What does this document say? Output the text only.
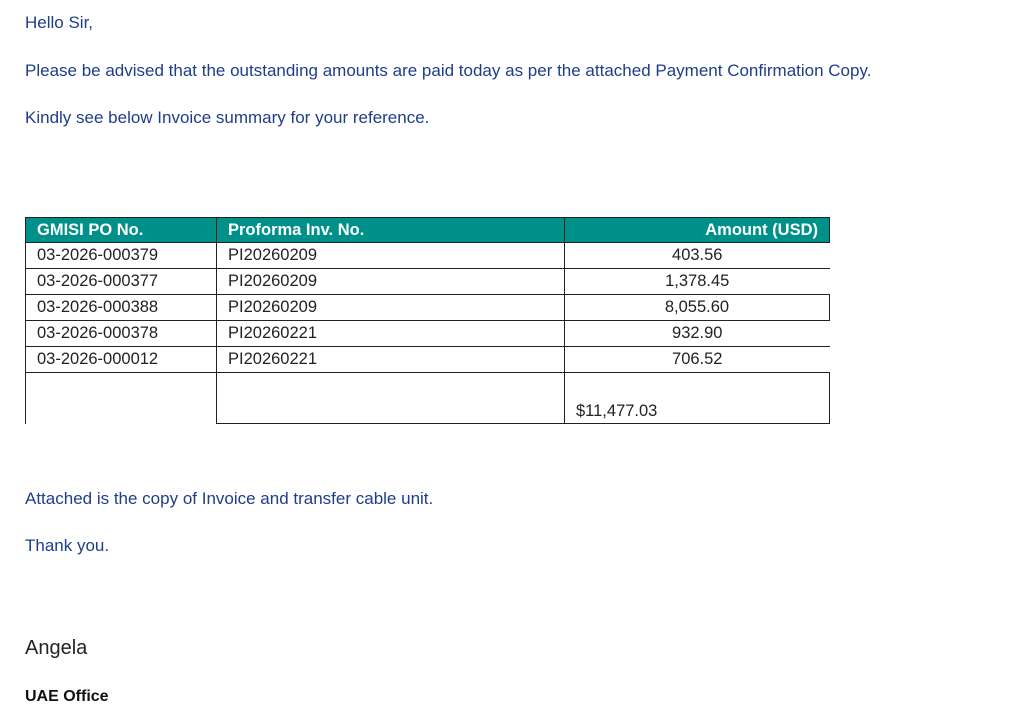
Hello Sir,

Please be advised that the outstanding amounts are paid today as per the attached Payment Confirmation Copy.

Kindly see below Invoice summary for your reference.

GMISI PO No.	Proforma Inv. No.	Amount (USD)
03-2026-000379	PI20260209	403.56
03-2026-000377	PI20260209	1,378.45
03-2026-000388	PI20260209	8,055.60
03-2026-000378	PI20260221	932.90
03-2026-000012	PI20260221	706.52
		$11,477.03

Attached is the copy of Invoice and transfer cable unit.

Thank you.

Angela

UAE Office
